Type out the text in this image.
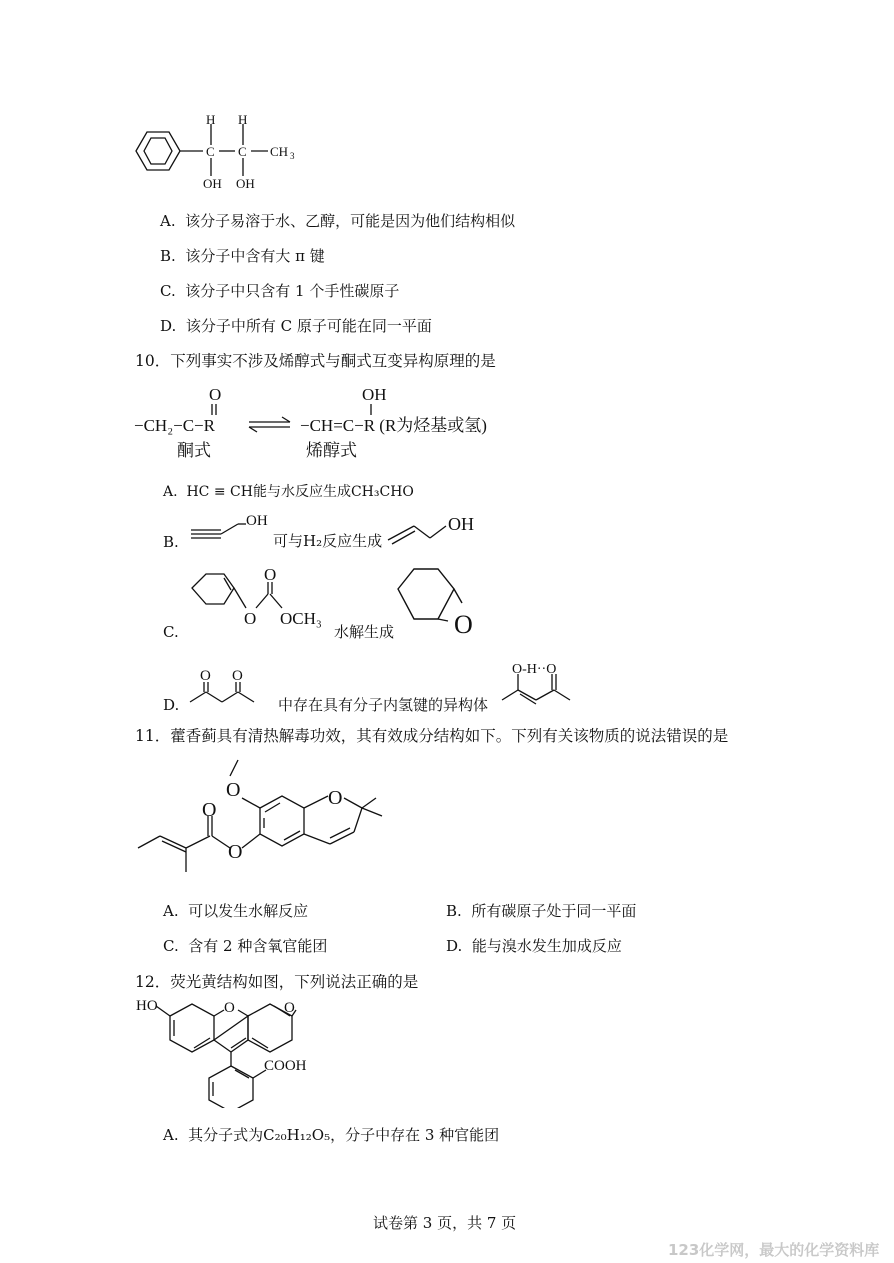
H H
C C CH 3
OH OH
A. 该分子易溶于水、乙醇，可能是因为他们结构相似
B. 该分子中含有大 π 键
C. 该分子中只含有 1 个手性碳原子
D. 该分子中所有 C 原子可能在同一平面
10．下列事实不涉及烯醇式与酮式互变异构原理的是
O	OH
−CH₂−C−R	−CH=C−R (R为烃基或氢)
酮式	烯醇式
A. HC ≡ CH能与水反应生成CH₃CHO
B.
OH
可与H₂反应生成
OH
C.
O
O
OCH₃
水解生成 O
D.
O O
中存在具有分子内氢键的异构体
O-H··O
11．藿香蓟具有清热解毒功效，其有效成分结构如下。下列有关该物质的说法错误的是
O	O
O
O
A. 可以发生水解反应	B. 所有碳原子处于同一平面
C. 含有 2 种含氧官能团	D. 能与溴水发生加成反应
12．荧光黄结构如图，下列说法正确的是
HO	O	O
COOH
A. 其分子式为C₂₀H₁₂O₅，分子中存在 3 种官能团
试卷第 3 页，共 7 页
123化学网，最大的化学资料库
